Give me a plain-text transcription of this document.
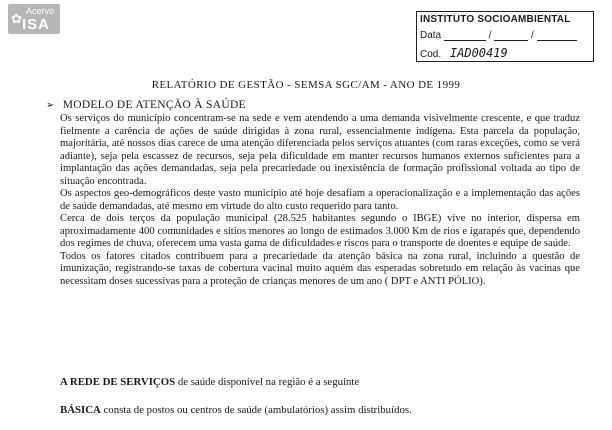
✿ Acervo
ISA	INSTITUTO SOCIOAMBIENTAL
Data	/	/
Cod. IAD00419
RELATÓRIO DE GESTÃO - SEMSA SGC/AM - ANO DE 1999
➢ MODELO DE ATENÇÃO À SAÚDE

Os serviços do município concentram-se na sede e vem atendendo a uma demanda visivelmente crescente, e que traduz fielmente a carência de ações de saúde dirigidas à zona rural, essencialmente indígena. Esta parcela da população, majoritária, até nossos dias carece de uma atenção diferenciada pelos serviços atuantes (com raras exceções, como se verá adiante), seja pela escassez de recursos, seja pela dificuldade em manter recursos humanos externos suficientes para a implantação das ações demandadas, seja pela precariedade ou inexistência de formação profissional voltada ao tipo de situação encontrada.

Os aspectos geo-demográficos deste vasto município até hoje desafiam a operacionalização e a implementação das ações de saúde demandadas, até mesmo em virtude do alto custo requerido para tanto.

Cerca de dois terços da população municipal (28.525 habitantes segundo o IBGE) vive no interior, dispersa em aproximadamente 400 comunidades e sítios menores ao longo de estimados 3.000 Km de rios e igarapés que, dependendo dos regimes de chuva, oferecem uma vasta gama de dificuldades e riscos para o transporte de doentes e equipe de saúde.

Todos os fatores citados contribuem para a precariedade da atenção básica na zona rural, incluindo a questão de imunização, registrando-se taxas de cobertura vacinal muito aquém das esperadas sobretudo em relação às vacinas que necessitam doses sucessivas para a proteção de crianças menores de um ano ( DPT e ANTI PÓLIO).

A REDE DE SERVIÇOS de saúde disponível na região é a seguinte
BÁSICA consta de postos ou centros de saúde (ambulatórios) assim distribuídos.
